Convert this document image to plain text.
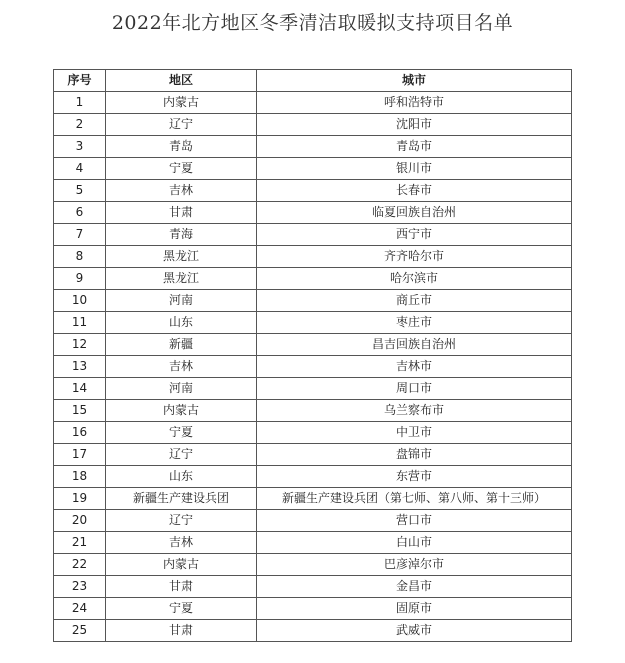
2022年北方地区冬季清洁取暖拟支持项目名单
序号	地区	城市
1	内蒙古	呼和浩特市
2	辽宁	沈阳市
3	青岛	青岛市
4	宁夏	银川市
5	吉林	长春市
6	甘肃	临夏回族自治州
7	青海	西宁市
8	黑龙江	齐齐哈尔市
9	黑龙江	哈尔滨市
10	河南	商丘市
11	山东	枣庄市
12	新疆	昌吉回族自治州
13	吉林	吉林市
14	河南	周口市
15	内蒙古	乌兰察布市
16	宁夏	中卫市
17	辽宁	盘锦市
18	山东	东营市
19	新疆生产建设兵团	新疆生产建设兵团（第七师、第八师、第十三师）
20	辽宁	营口市
21	吉林	白山市
22	内蒙古	巴彦淖尔市
23	甘肃	金昌市
24	宁夏	固原市
25	甘肃	武威市
